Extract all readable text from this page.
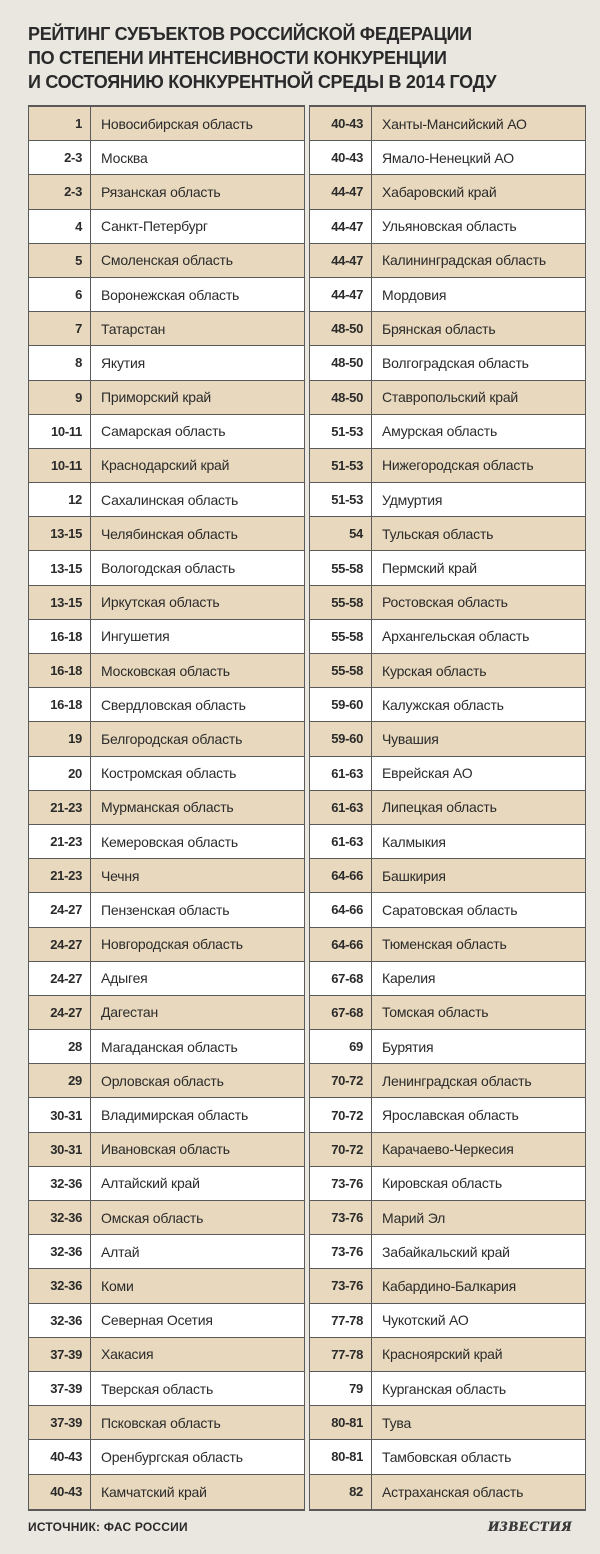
РЕЙТИНГ СУБЪЕКТОВ РОССИЙСКОЙ ФЕДЕРАЦИИ
ПО СТЕПЕНИ ИНТЕНСИВНОСТИ КОНКУРЕНЦИИ
И СОСТОЯНИЮ КОНКУРЕНТНОЙ СРЕДЫ В 2014 ГОДУ
1	Новосибирская область
2-3	Москва
2-3	Рязанская область
4	Санкт-Петербург
5	Смоленская область
6	Воронежская область
7	Татарстан
8	Якутия
9	Приморский край
10-11	Самарская область
10-11	Краснодарский край
12	Сахалинская область
13-15	Челябинская область
13-15	Вологодская область
13-15	Иркутская область
16-18	Ингушетия
16-18	Московская область
16-18	Свердловская область
19	Белгородская область
20	Костромская область
21-23	Мурманская область
21-23	Кемеровская область
21-23	Чечня
24-27	Пензенская область
24-27	Новгородская область
24-27	Адыгея
24-27	Дагестан
28	Магаданская область
29	Орловская область
30-31	Владимирская область
30-31	Ивановская область
32-36	Алтайский край
32-36	Омская область
32-36	Алтай
32-36	Коми
32-36	Северная Осетия
37-39	Хакасия
37-39	Тверская область
37-39	Псковская область
40-43	Оренбургская область
40-43	Камчатский край
40-43	Ханты-Мансийский АО
40-43	Ямало-Ненецкий АО
44-47	Хабаровский край
44-47	Ульяновская область
44-47	Калининградская область
44-47	Мордовия
48-50	Брянская область
48-50	Волгоградская область
48-50	Ставропольский край
51-53	Амурская область
51-53	Нижегородская область
51-53	Удмуртия
54	Тульская область
55-58	Пермский край
55-58	Ростовская область
55-58	Архангельская область
55-58	Курская область
59-60	Калужская область
59-60	Чувашия
61-63	Еврейская АО
61-63	Липецкая область
61-63	Калмыкия
64-66	Башкирия
64-66	Саратовская область
64-66	Тюменская область
67-68	Карелия
67-68	Томская область
69	Бурятия
70-72	Ленинградская область
70-72	Ярославская область
70-72	Карачаево-Черкесия
73-76	Кировская область
73-76	Марий Эл
73-76	Забайкальский край
73-76	Кабардино-Балкария
77-78	Чукотский АО
77-78	Красноярский край
79	Курганская область
80-81	Тува
80-81	Тамбовская область
82	Астраханская область
ИСТОЧНИК: ФАС РОССИИ	ИЗВЕСТИЯ
